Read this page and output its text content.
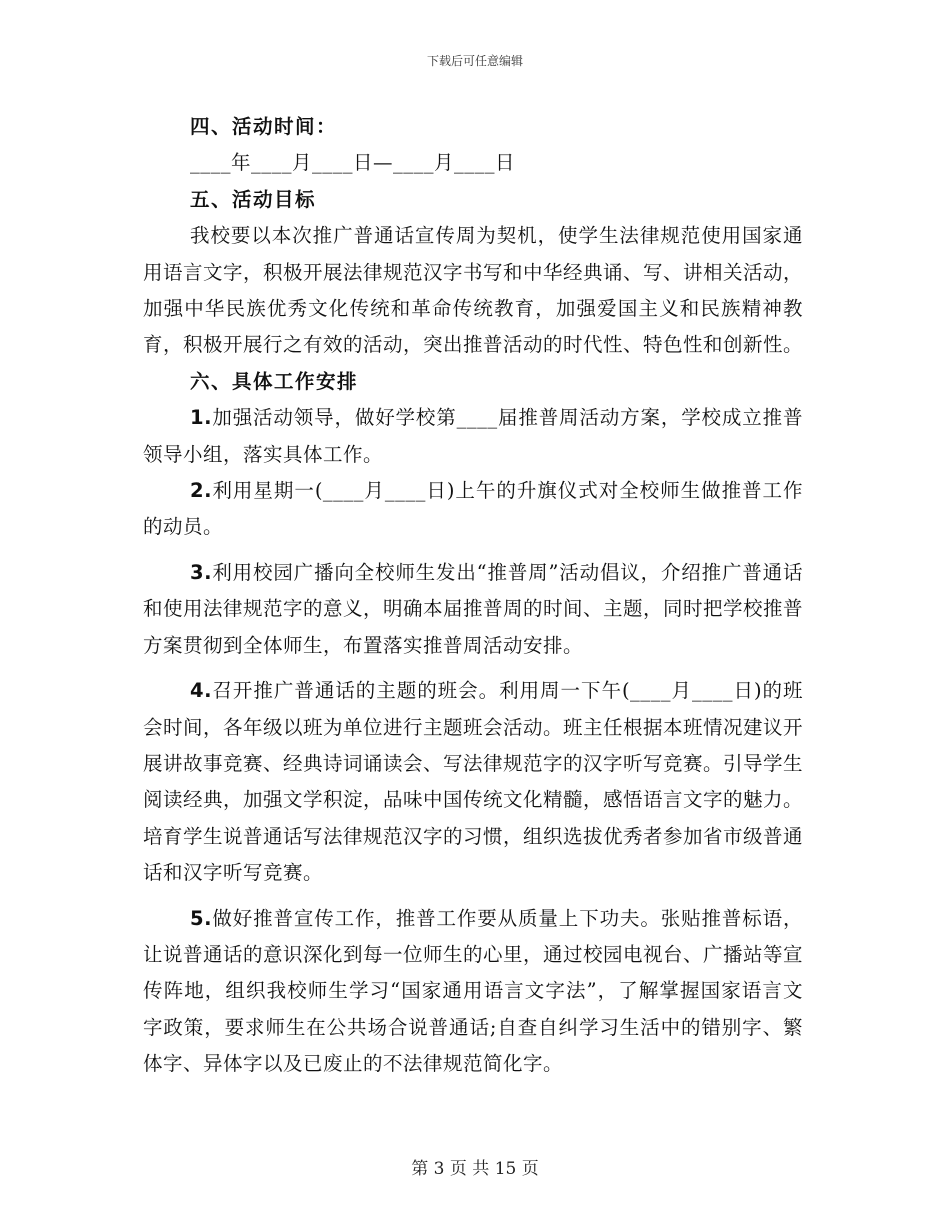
下载后可任意编辑

四、活动时间：

____年____月____日—____月____日

五、活动目标

我校要以本次推广普通话宣传周为契机，使学生法律规范使用国家通用语言文字，积极开展法律规范汉字书写和中华经典诵、写、讲相关活动，加强中华民族优秀文化传统和革命传统教育，加强爱国主义和民族精神教育，积极开展行之有效的活动，突出推普活动的时代性、特色性和创新性。

六、具体工作安排

1.加强活动领导，做好学校第____届推普周活动方案，学校成立推普领导小组，落实具体工作。

2.利用星期一(____月____日)上午的升旗仪式对全校师生做推普工作的动员。

3.利用校园广播向全校师生发出“推普周”活动倡议，介绍推广普通话和使用法律规范字的意义，明确本届推普周的时间、主题，同时把学校推普方案贯彻到全体师生，布置落实推普周活动安排。

4.召开推广普通话的主题的班会。利用周一下午(____月____日)的班会时间，各年级以班为单位进行主题班会活动。班主任根据本班情况建议开展讲故事竞赛、经典诗词诵读会、写法律规范字的汉字听写竞赛。引导学生阅读经典，加强文学积淀，品味中国传统文化精髓，感悟语言文字的魅力。培育学生说普通话写法律规范汉字的习惯，组织选拔优秀者参加省市级普通话和汉字听写竞赛。

5.做好推普宣传工作，推普工作要从质量上下功夫。张贴推普标语，让说普通话的意识深化到每一位师生的心里，通过校园电视台、广播站等宣传阵地，组织我校师生学习“国家通用语言文字法”，了解掌握国家语言文字政策，要求师生在公共场合说普通话;自查自纠学习生活中的错别字、繁体字、异体字以及已废止的不法律规范简化字。

第 3 页 共 15 页
